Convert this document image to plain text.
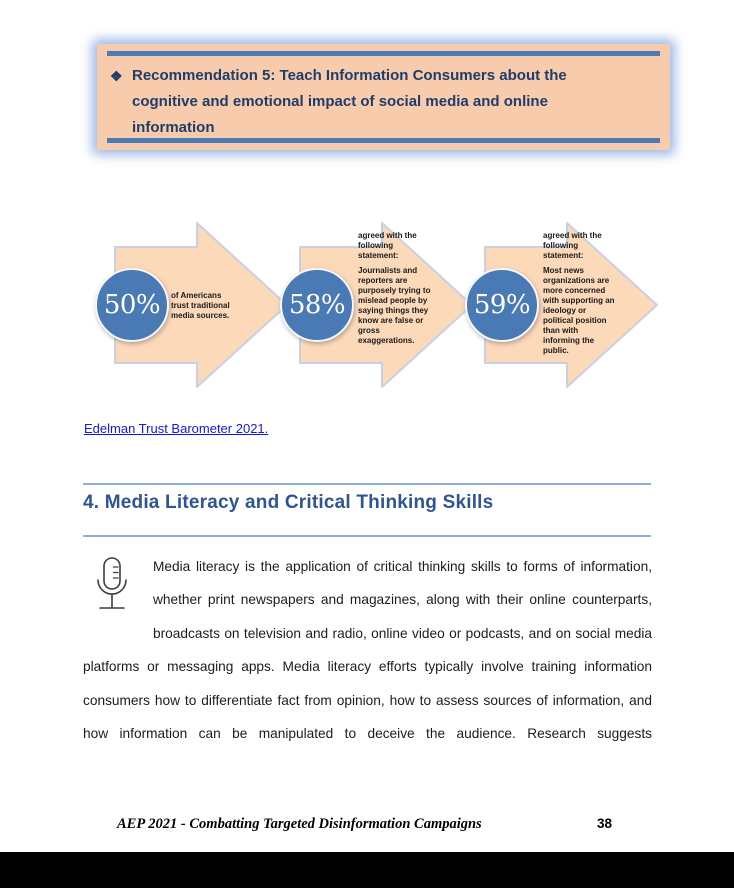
❖ Recommendation 5: Teach Information Consumers about the cognitive and emotional impact of social media and online information
50% of Americans trust traditional media sources. 58%

agreed with the following statement:

Journalists and reporters are purposely trying to mislead people by saying things they know are false or gross exaggerations.

59%

agreed with the following statement:

Most news organizations are more concerned with supporting an ideology or political position than with informing the public.

Edelman Trust Barometer 2021.
4. Media Literacy and Critical Thinking Skills
Media literacy is the application of critical thinking skills to forms of information, whether print newspapers and magazines, along with their online counterparts, broadcasts on television and radio, online video or podcasts, and on social media platforms or messaging apps. Media literacy efforts typically involve training information consumers how to differentiate fact from opinion, how to assess sources of information, and how information can be manipulated to deceive the audience. Research suggests
AEP 2021 - Combatting Targeted Disinformation Campaigns	38
